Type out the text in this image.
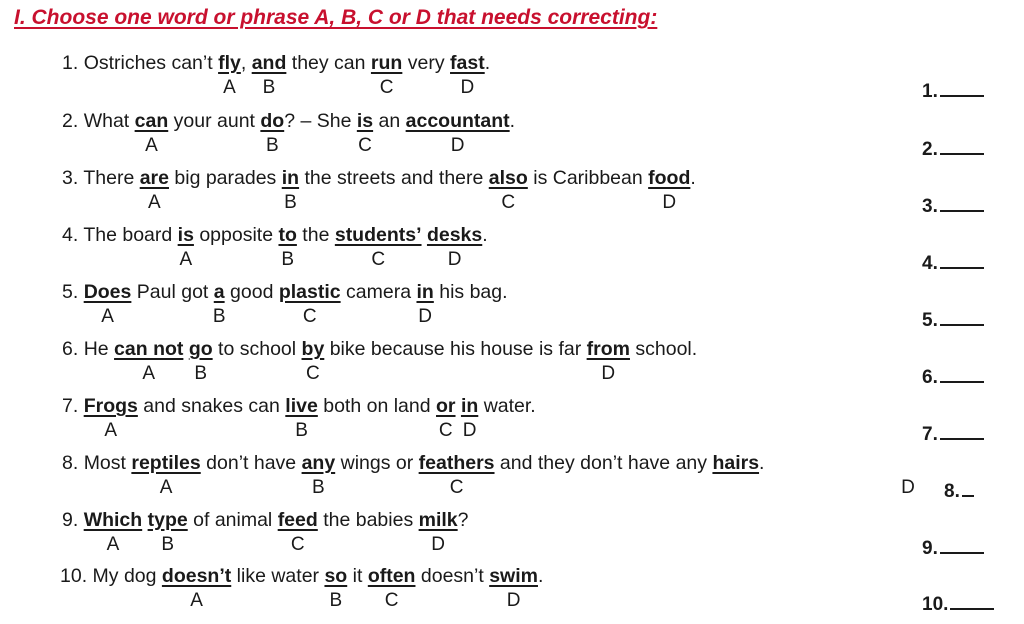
I. Choose one word or phrase A, B, C or D that needs correcting:
1. Ostriches can’t fly, and they can run very fast.
A B	C	D	1.
2. What can your aunt do? – She is an accountant.
A	B	C	D	2.
3. There are big parades in the streets and there also is Caribbean food.
A	B	C	D	3.
4. The board is opposite to the students’ desks.
A	B	C	D	4.
5. Does Paul got a good plastic camera in his bag.
A	B	C	D	5.
6. He can not go to school by bike because his house is far from school.
A B	C	D	6.
7. Frogs and snakes can live both on land or in water.
A	B	C D	7.
8. Most reptiles don’t have any wings or feathers and they don’t have any hairs.
A	B	C	D 8.
9. Which type of animal feed the babies milk?
A B	C	D	9.
10. My dog doesn’t like water so it often doesn’t swim.
A	B C	D	10.
